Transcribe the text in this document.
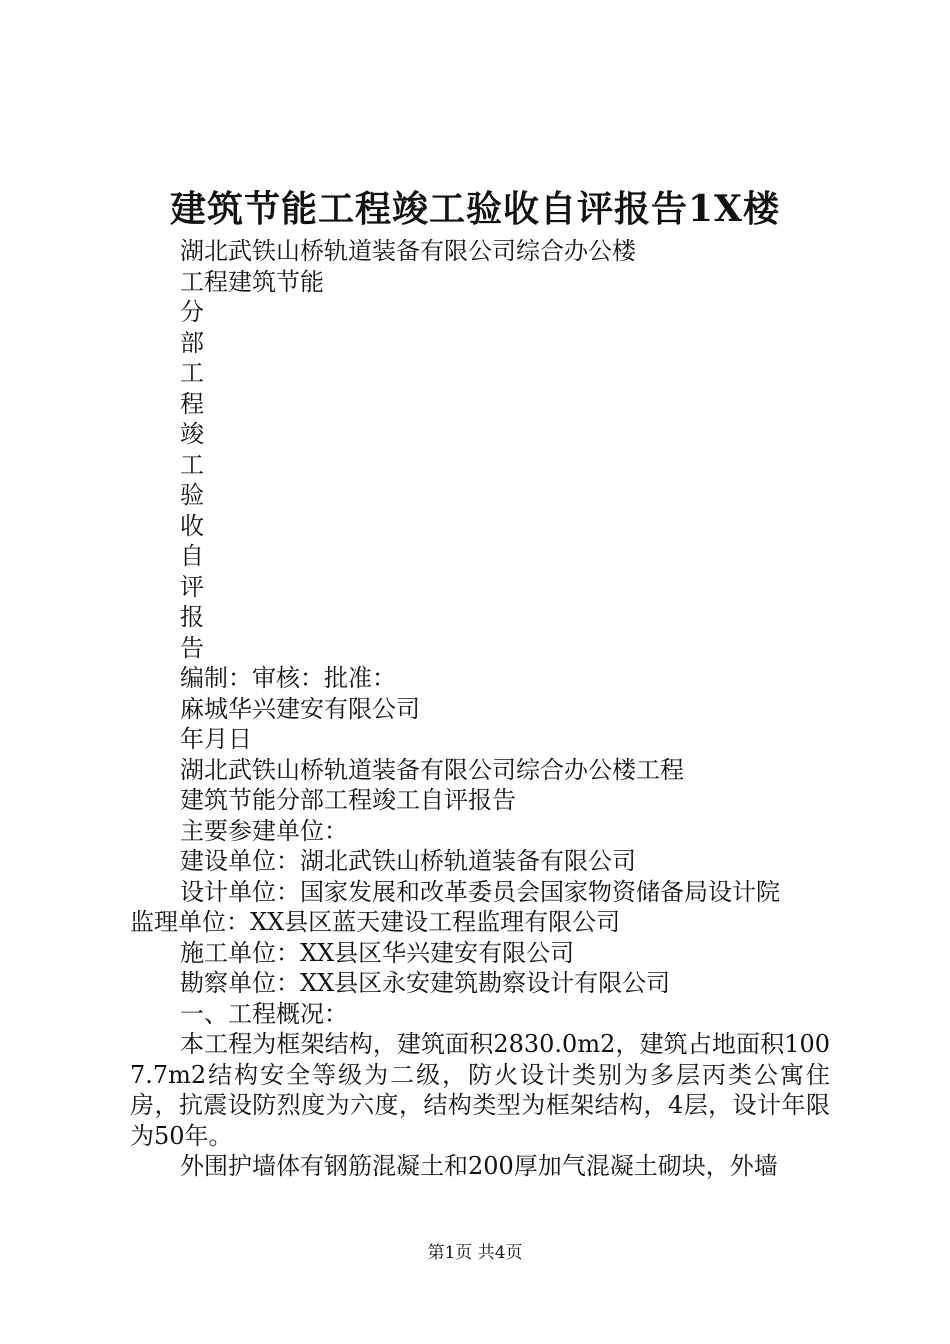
建筑节能工程竣工验收自评报告1X楼
湖北武铁山桥轨道装备有限公司综合办公楼
工程建筑节能
分
部
工
程
竣
工
验
收
自
评
报
告
编制：审核：批准：
麻城华兴建安有限公司
年月日
湖北武铁山桥轨道装备有限公司综合办公楼工程
建筑节能分部工程竣工自评报告
主要参建单位：
建设单位：湖北武铁山桥轨道装备有限公司
设计单位：国家发展和改革委员会国家物资储备局设计院
监理单位：XX县区蓝天建设工程监理有限公司
施工单位：XX县区华兴建安有限公司
勘察单位：XX县区永安建筑勘察设计有限公司
一、工程概况：
本工程为框架结构，建筑面积2830.0m2，建筑占地面积1007.7m2结构安全等级为二级，防火设计类别为多层丙类公寓住房，抗震设防烈度为六度，结构类型为框架结构，4层，设计年限为50年。
外围护墙体有钢筋混凝土和200厚加气混凝土砌块，外墙
第1页 共4页
